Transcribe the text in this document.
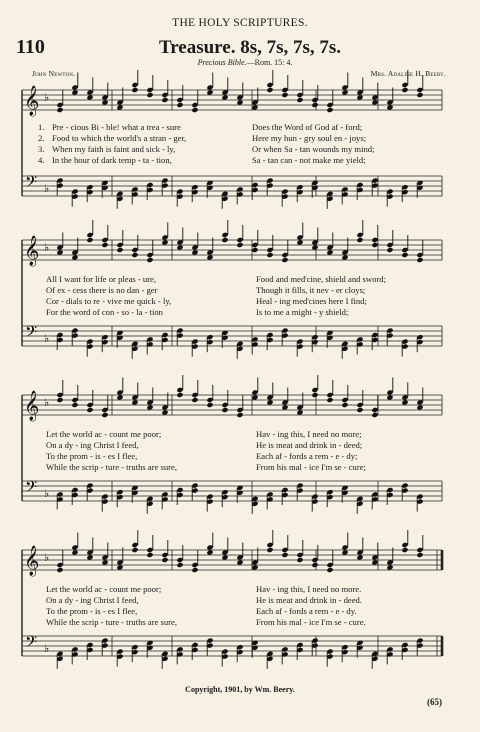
THE HOLY SCRIPTURES.
110	Treasure. 8s, 7s, 7s, 7s.
Precious Bible.—Rom. 15: 4.
John Newton.	Mrs. Adaline H. Beery.
𝄞
𝄢
♭
♭
1. Pre - cious Bi - ble! what a trea - sure	Does the Word of God af - ford;
2. Food to which the world's a stran - ger,	Here my hun - gry soul en - joys;
3. When my faith is faint and sick - ly,	Or when Sa - tan wounds my mind;
4. In the hour of dark temp - ta - tion,	Sa - tan can - not make me yield;
𝄞
𝄢
♭
♭
All I want for life or pleas - ure,	Food and med'cine, shield and sword;
Of ex - cess there is no dan - ger	Though it fills, it nev - er cloys;
Cor - dials to re - vive me quick - ly,	Heal - ing med'cines here I find;
For the word of con - so - la - tion	Is to me a might - y shield;
𝄞
𝄢
♭
♭
Let the world ac - count me poor;	Hav - ing this, I need no more;
On a dy - ing Christ I feed,	He is meat and drink in - deed;
To the prom - is - es I flee,	Each af - fords a rem - e - dy;
While the scrip - ture - truths are sure,	From his mal - ice I'm se - cure;
𝄞
𝄢
♭
♭
Let the world ac - count me poor;	Hav - ing this, I need no more.
On a dy - ing Christ I feed,	He is meat and drink in - deed.
To the prom - is - es I flee,	Each af - fords a rem - e - dy.
While the scrip - ture - truths are sure,	From his mal - ice I'm se - cure.
Copyright, 1901, by Wm. Beery.
(65)
